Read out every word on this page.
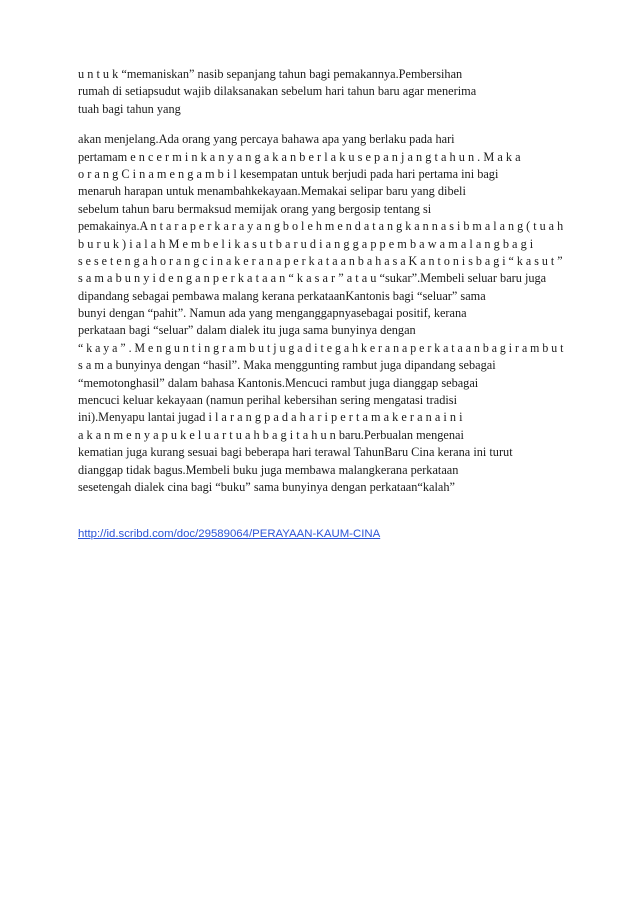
u n t u k “memaniskan” nasib sepanjang tahun bagi pemakannya.Pembersihan
rumah di setiapsudut wajib dilaksanakan sebelum hari tahun baru agar menerima
tuah bagi tahun yang
akan menjelang.Ada orang yang percaya bahawa apa yang berlaku pada hari
pertamam e n c e r m i n k a n y a n g a k a n b e r l a k u s e p a n j a n g t a h u n . M a k a
o r a n g C i n a m e n g a m b i l kesempatan untuk berjudi pada hari pertama ini bagi
menaruh harapan untuk menambahkekayaan.Memakai selipar baru yang dibeli
sebelum tahun baru bermaksud memijak orang yang bergosip tentang si
pemakainya.A n t a r a p e r k a r a y a n g b o l e h m e n d a t a n g k a n n a s i b m a l a n g ( t u a h
b u r u k ) i a l a h M e m b e l i k a s u t b a r u d i a n g g a p p e m b a w a m a l a n g b a g i
s e s e t e n g a h o r a n g c i n a k e r a n a p e r k a t a a n b a h a s a K a n t o n i s b a g i “ k a s u t ”
s a m a b u n y i d e n g a n p e r k a t a a n “ k a s a r ” a t a u “sukar”.Membeli seluar baru juga
dipandang sebagai pembawa malang kerana perkataanKantonis bagi “seluar” sama
bunyi dengan “pahit”. Namun ada yang menganggapnyasebagai positif, kerana
perkataan bagi “seluar” dalam dialek itu juga sama bunyinya dengan
“ k a y a ” . M e n g u n t i n g r a m b u t j u g a d i t e g a h k e r a n a p e r k a t a a n b a g i r a m b u t
s a m a bunyinya dengan “hasil”. Maka menggunting rambut juga dipandang sebagai
“memotonghasil” dalam bahasa Kantonis.Mencuci rambut juga dianggap sebagai
mencuci keluar kekayaan (namun perihal kebersihan sering mengatasi tradisi
ini).Menyapu lantai jugad i l a r a n g p a d a h a r i p e r t a m a k e r a n a i n i
a k a n m e n y a p u k e l u a r t u a h b a g i t a h u n baru.Perbualan mengenai
kematian juga kurang sesuai bagi beberapa hari terawal TahunBaru Cina kerana ini turut
dianggap tidak bagus.Membeli buku juga membawa malangkerana perkataan
sesetengah dialek cina bagi “buku” sama bunyinya dengan perkataan“kalah”
http://id.scribd.com/doc/29589064/PERAYAAN-KAUM-CINA
